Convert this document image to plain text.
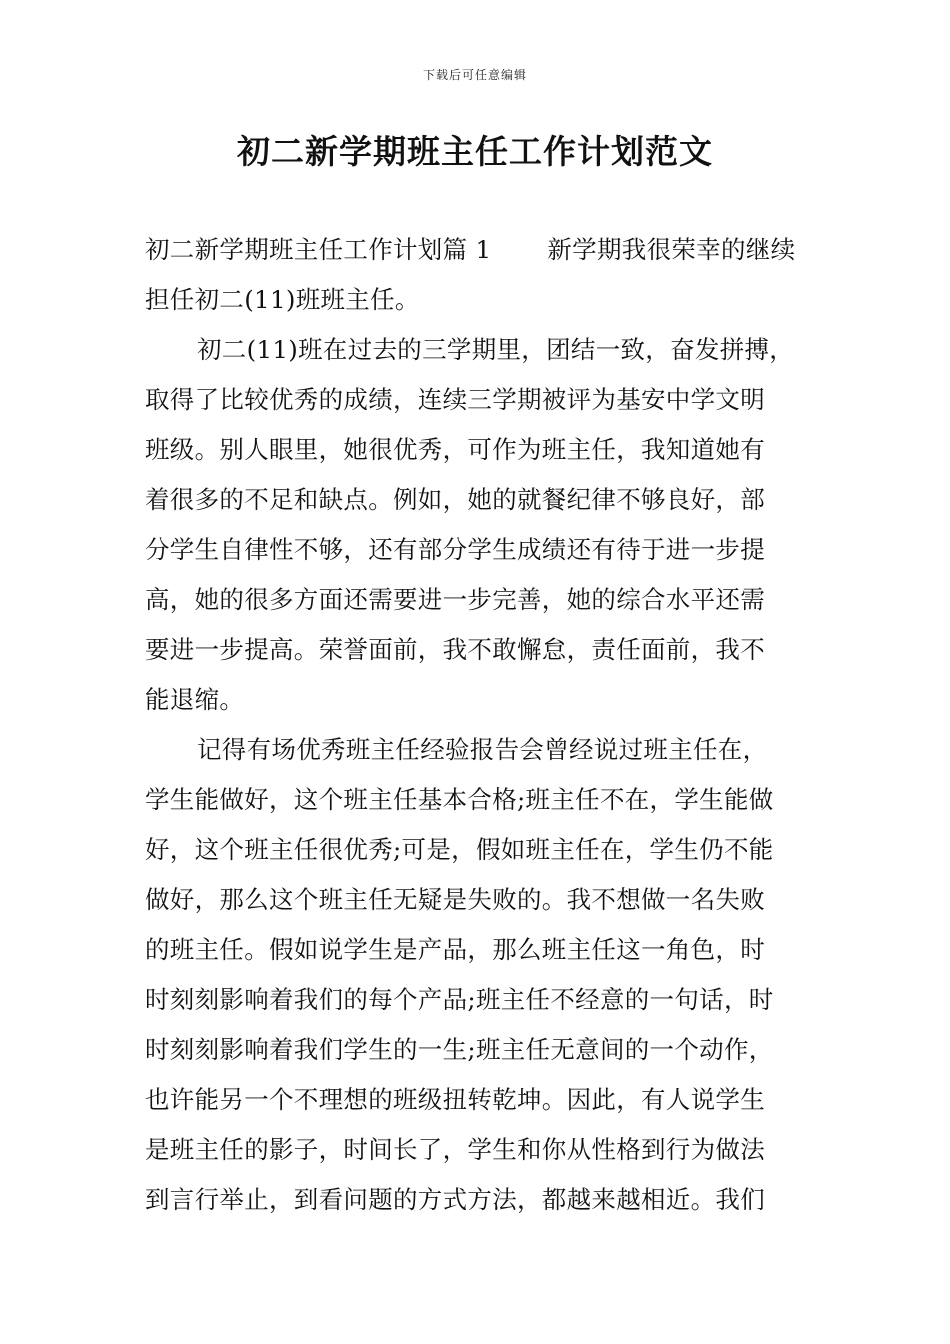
下载后可任意编辑
初二新学期班主任工作计划范文
初二新学期班主任工作计划篇 1 新学期我很荣幸的继续
担任初二(11)班班主任。
初二(11)班在过去的三学期里，团结一致，奋发拼搏，
取得了比较优秀的成绩，连续三学期被评为基安中学文明
班级。别人眼里，她很优秀，可作为班主任，我知道她有
着很多的不足和缺点。例如，她的就餐纪律不够良好，部
分学生自律性不够，还有部分学生成绩还有待于进一步提
高，她的很多方面还需要进一步完善，她的综合水平还需
要进一步提高。荣誉面前，我不敢懈怠，责任面前，我不
能退缩。
记得有场优秀班主任经验报告会曾经说过班主任在，
学生能做好，这个班主任基本合格;班主任不在，学生能做
好，这个班主任很优秀;可是，假如班主任在，学生仍不能
做好，那么这个班主任无疑是失败的。我不想做一名失败
的班主任。假如说学生是产品，那么班主任这一角色，时
时刻刻影响着我们的每个产品;班主任不经意的一句话，时
时刻刻影响着我们学生的一生;班主任无意间的一个动作，
也许能另一个不理想的班级扭转乾坤。因此，有人说学生
是班主任的影子，时间长了，学生和你从性格到行为做法
到言行举止，到看问题的方式方法，都越来越相近。我们
